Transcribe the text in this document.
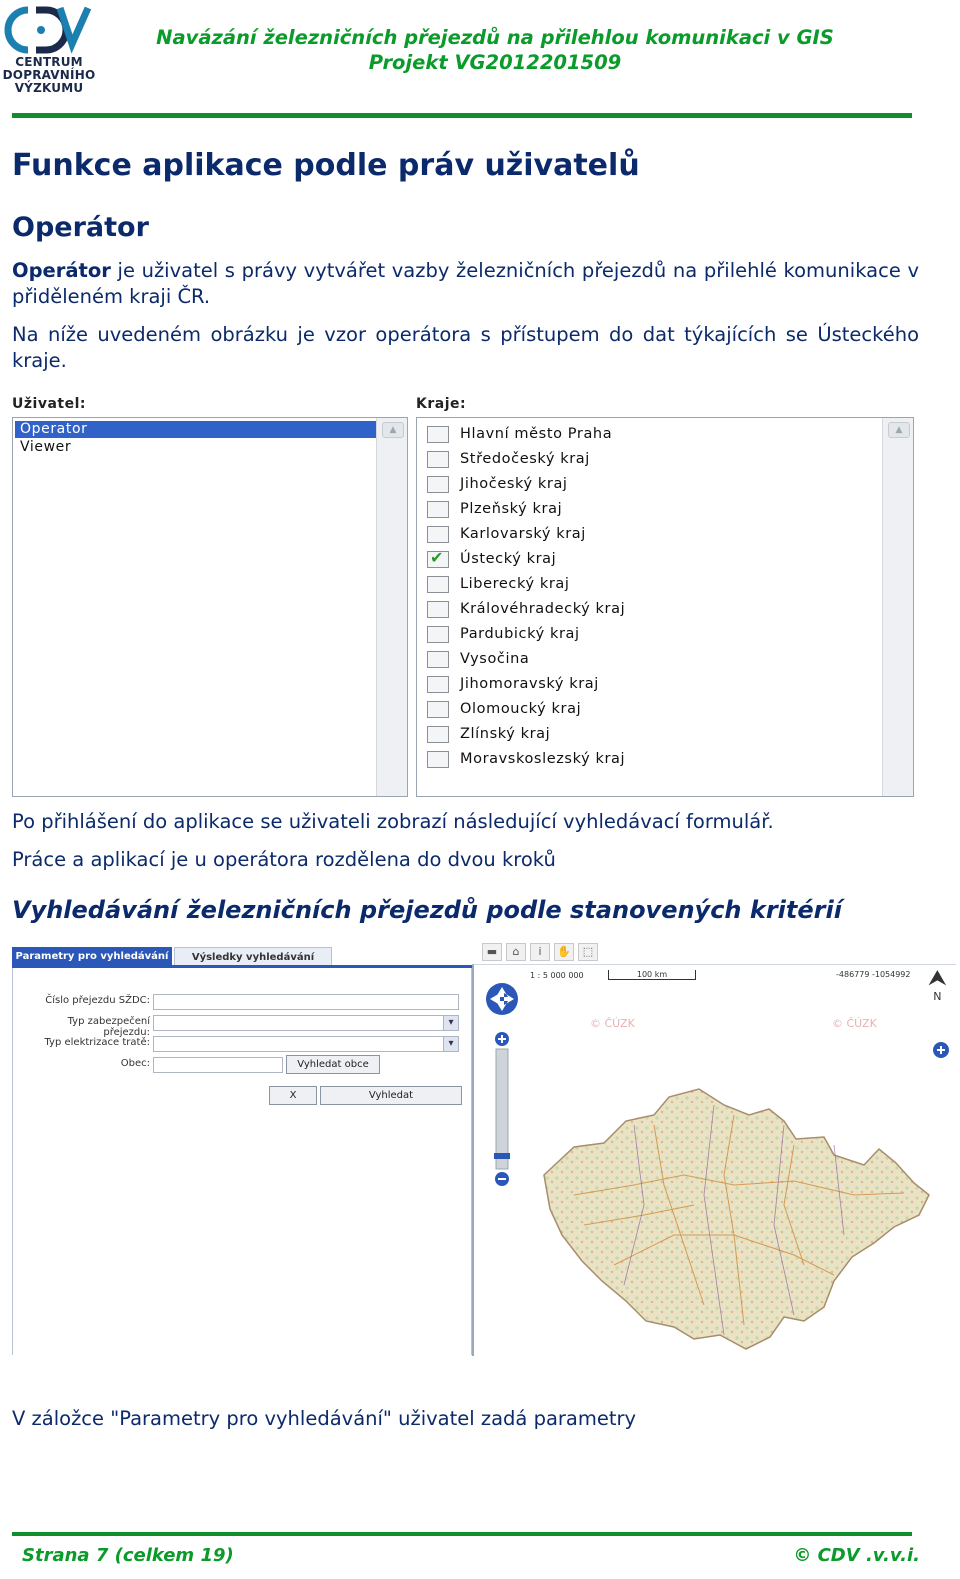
CENTRUM
DOPRAVNÍHO
VÝZKUMU
Navázání železničních přejezdů na přilehlou komunikaci v GIS
Projekt VG2012201509
Funkce aplikace podle práv uživatelů
Operátor
Operátor je uživatel s právy vytvářet vazby železničních přejezdů na přilehlé komunikace v přiděleném kraji ČR.
Na níže uvedeném obrázku je vzor operátora s přístupem do dat týkajících se Ústeckého kraje.
Uživatel:	Kraje:
Operator
Viewer
▲	Hlavní město Praha
Středočeský kraj
Jihočeský kraj
Plzeňský kraj
Karlovarský kraj
✔
Ústecký kraj
Liberecký kraj
Královéhradecký kraj
Pardubický kraj
Vysočina
Jihomoravský kraj
Olomoucký kraj
Zlínský kraj
Moravskoslezský kraj
▲
Po přihlášení do aplikace se uživateli zobrazí následující vyhledávací formulář.
Práce a aplikací je u operátora rozdělena do dvou kroků
Vyhledávání železničních přejezdů podle stanovených kritérií
Parametry pro vyhledávání	Výsledky vyhledávání
Číslo přejezdu SŽDC:
Typ zabezpečení přejezdu:
▾
Typ elektrizace tratě:
▾
Obec:	Vyhledat obce
X	Vyhledat
▬	⌂	i	✋	⬚
1 : 5 000 000	100 km	-486779 -1054992 ⮝
N
© ČÚZK	© ČÚZK
V záložce "Parametry pro vyhledávání" uživatel zadá parametry
Strana 7 (celkem 19)	© CDV .v.v.i.
